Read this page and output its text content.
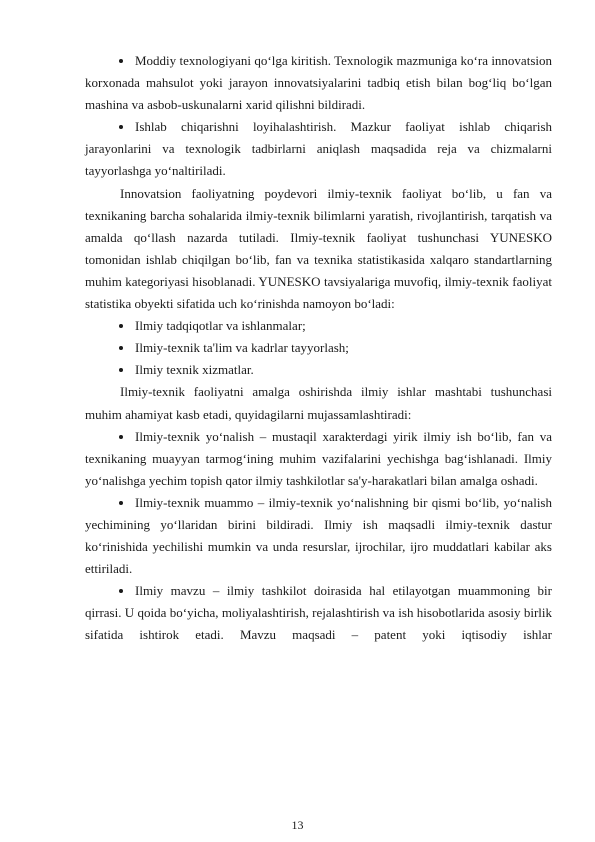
Moddiy texnologiyani qo‘lga kiritish. Texnologik mazmuniga ko‘ra innovatsion korxonada mahsulot yoki jarayon innovatsiyalarini tadbiq etish bilan bog‘liq bo‘lgan mashina va asbob-uskunalarni xarid qilishni bildiradi.

Ishlab chiqarishni loyihalashtirish. Mazkur faoliyat ishlab chiqarish jarayonlarini va texnologik tadbirlarni aniqlash maqsadida reja va chizmalarni tayyorlashga yo‘naltiriladi.

Innovatsion faoliyatning poydevori ilmiy-texnik faoliyat bo‘lib, u fan va texnikaning barcha sohalarida ilmiy-texnik bilimlarni yaratish, rivojlantirish, tarqatish va amalda qo‘llash nazarda tutiladi. Ilmiy-texnik faoliyat tushunchasi YUNESKO tomonidan ishlab chiqilgan bo‘lib, fan va texnika statistikasida xalqaro standartlarning muhim kategoriyasi hisoblanadi. YUNESKO tavsiyalariga muvofiq, ilmiy-texnik faoliyat statistika obyekti sifatida uch ko‘rinishda namoyon bo‘ladi:

Ilmiy tadqiqotlar va ishlanmalar;

Ilmiy-texnik ta'lim va kadrlar tayyorlash;

Ilmiy texnik xizmatlar.

Ilmiy-texnik faoliyatni amalga oshirishda ilmiy ishlar mashtabi tushunchasi muhim ahamiyat kasb etadi, quyidagilarni mujassamlashtiradi:

Ilmiy-texnik yo‘nalish – mustaqil xarakterdagi yirik ilmiy ish bo‘lib, fan va texnikaning muayyan tarmog‘ining muhim vazifalarini yechishga bag‘ishlanadi. Ilmiy yo‘nalishga yechim topish qator ilmiy tashkilotlar sa'y-harakatlari bilan amalga oshadi.

Ilmiy-texnik muammo – ilmiy-texnik yo‘nalishning bir qismi bo‘lib, yo‘nalish yechimining yo‘llaridan birini bildiradi. Ilmiy ish maqsadli ilmiy-texnik dastur ko‘rinishida yechilishi mumkin va unda resurslar, ijrochilar, ijro muddatlari kabilar aks ettiriladi.

Ilmiy mavzu – ilmiy tashkilot doirasida hal etilayotgan muammoning bir qirrasi. U qoida bo‘yicha, moliyalashtirish, rejalashtirish va ish hisobotlarida asosiy birlik sifatida ishtirok etadi. Mavzu maqsadi – patent yoki iqtisodiy ishlar

13
